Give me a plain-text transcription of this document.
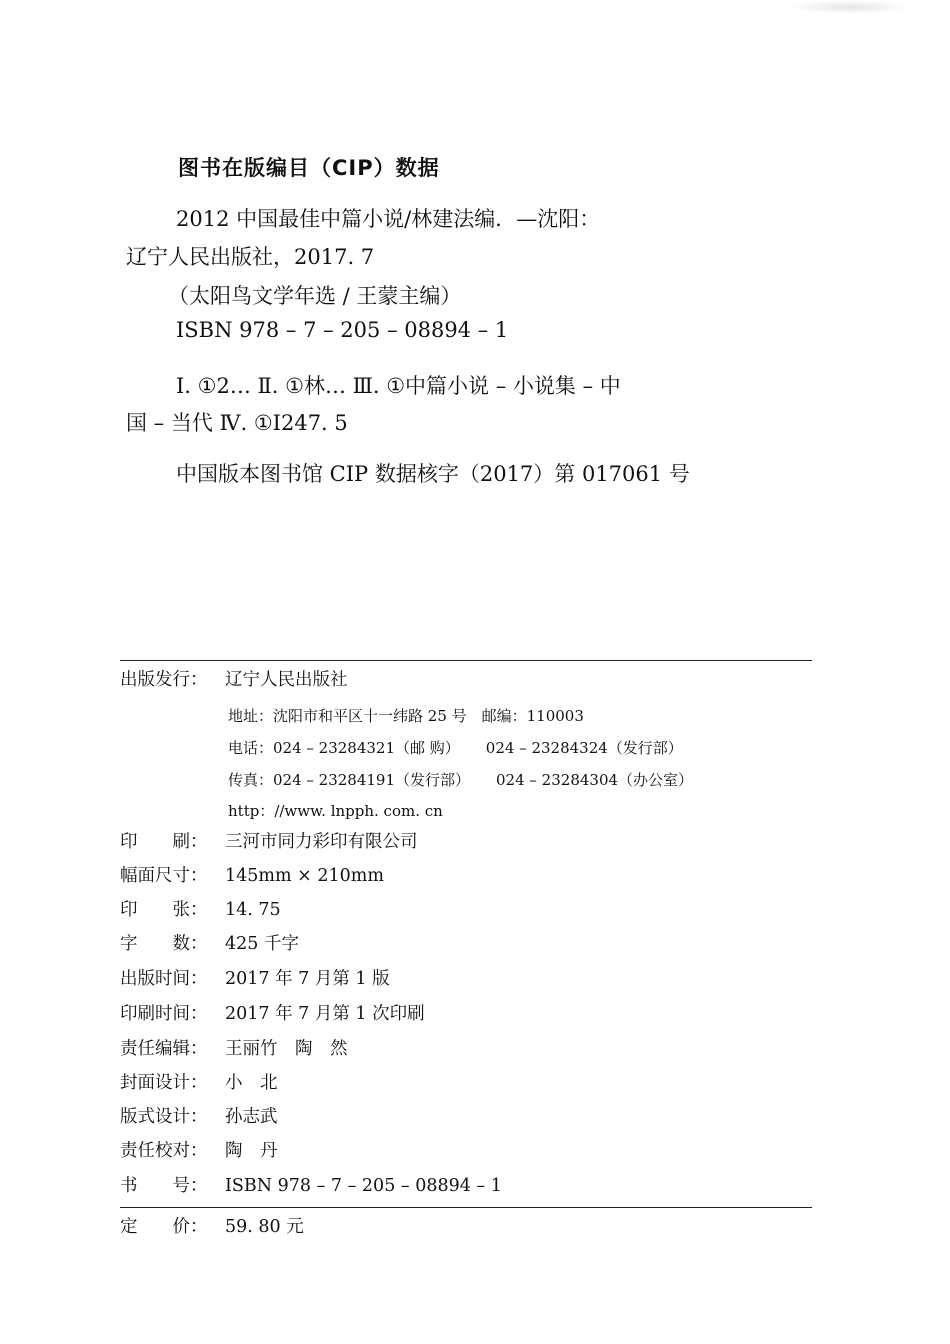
图书在版编目（CIP）数据
2012 中国最佳中篇小说/林建法编．—沈阳：
辽宁人民出版社，2017. 7
（太阳鸟文学年选 / 王蒙主编）
ISBN 978 – 7 – 205 – 08894 – 1
Ⅰ. ①2… Ⅱ. ①林… Ⅲ. ①中篇小说 – 小说集 – 中
国 – 当代 Ⅳ. ①I247. 5
中国版本图书馆 CIP 数据核字（2017）第 017061 号
出版发行： 辽宁人民出版社
地址：沈阳市和平区十一纬路 25 号　邮编：110003
电话：024 – 23284321（邮 购） 024 – 23284324（发行部）
传真：024 – 23284191（发行部） 024 – 23284304（办公室）
http：//www. lnpph. com. cn
印　　刷： 三河市同力彩印有限公司
幅面尺寸： 145mm × 210mm
印　　张： 14. 75
字　　数： 425 千字
出版时间： 2017 年 7 月第 1 版
印刷时间： 2017 年 7 月第 1 次印刷
责任编辑： 王丽竹　陶　然
封面设计： 小　北
版式设计： 孙志武
责任校对： 陶　丹
书　　号： ISBN 978 – 7 – 205 – 08894 – 1
定　　价： 59. 80 元
